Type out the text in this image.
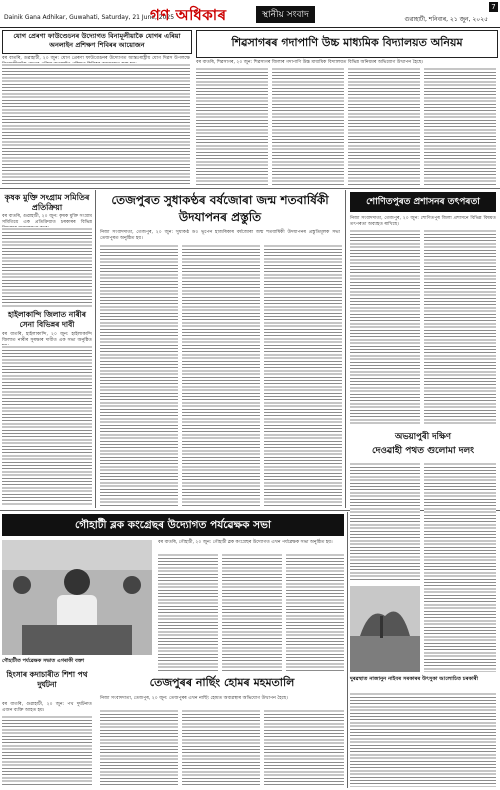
Dainik Gana Adhikar, Guwahati, Saturday, 21 June, 2025
গণ অধিকাৰ	স্থানীয় সংবাদ	গুৱাহাটী, শনিবাৰ, ২১ জুন, ২০২৫
7
যোগ প্ৰেৰণা ফাউণ্ডেচনৰ উদ্যোগত বিনামূলীয়াকৈ যোগৰ এৰিয়া অনলাইন প্ৰশিক্ষণ শিবিৰৰ আয়োজন
বৰ বাতৰি, গুৱাহাটী, ২০ জুন: যোগ প্ৰেৰণা ফাউণ্ডেচনৰ উদ্যোগত আন্তঃৰাষ্ট্ৰীয় যোগ দিৱস উপলক্ষে
শিৱসাগৰৰ গদাপাণি উচ্চ মাধ্যমিক বিদ্যালয়ত অনিয়ম
বৰ বাতৰি, শিৱসাগৰ, ২০ জুন: শিৱসাগৰ জিলাৰ গদাপাণি উচ্চ মাধ্যমিক বিদ্যালয়ত বিভিন্ন অনিয়মৰ অভিযোগ উত্থাপন হৈছে।
কৃষক মুক্তি সংগ্ৰাম সমিতিৰ প্ৰতিক্ৰিয়া
বৰ বাতৰি, গুৱাহাটী, ২০ জুন: কৃষক মুক্তি সংগ্ৰাম সমিতিয়ে এক প্ৰতিক্ৰিয়াত চৰকাৰৰ বিভিন্ন
হাইলাকান্দি জিলাত নাৰীৰ সেনা বিভিন্নৰ দাবী
বৰ বাতৰি, হাইলাকান্দি, ২০ জুন: হাইলাকান্দি জিলাত নাৰীৰ সুৰক্ষাৰ দাবীত এক সভা অনুষ্ঠিত
তেজপুৰত সুধাকণ্ঠৰ বৰ্ষজোৰা জন্ম শতবাৰ্ষিকী উদযাপনৰ প্ৰস্তুতি
নিজা সংবাদদাতা, তেজপুৰ, ২০ জুন: সুধাকণ্ঠ ড০ ভূপেন হাজৰিকাৰ বৰ্ষজোৰা জন্ম শতবাৰ্ষিকী উদযাপনৰ প্ৰস্তুতিমূলক সভা তেজপুৰত অনুষ্ঠিত হয়।
শোণিতপুৰত প্ৰশাসনৰ তৎপৰতা
নিজা সংবাদদাতা, তেজপুৰ, ২০ জুন: শোণিতপুৰ জিলা প্ৰশাসনে বিভিন্ন বিষয়ত তৎপৰতা অব্যাহত ৰাখিছে।
অভয়াপুৰী দক্ষিণ
দেওৱাহী পথত গুলোমা দলং
গৌহাটী ব্লক কংগ্ৰেছৰ উদ্যোগত পৰ্যৱেক্ষক সভা
গৌহাটীত পৰ্যৱেক্ষক সভাত এগৰাকী বক্তা
বৰ বাতৰি, গৌহাটী, ২০ জুন: গৌহাটী ব্লক কংগ্ৰেছৰ উদ্যোগত এখন পৰ্যৱেক্ষক সভা অনুষ্ঠিত হয়।
হিংসাৰ কদাচাৰীত শিশা পথ দুৰ্ঘটনা
বৰ বাতৰি, গুৱাহাটী, ২০ জুন: পথ দুৰ্ঘটনাত এজন ব্যক্তি আহত হয়।
তেজপুৰৰ নাৰ্ছিং হোমৰ মহমতালি
নিজা সংবাদদাতা, তেজপুৰ, ২০ জুন: তেজপুৰৰ এখন নাৰ্ছিং হোমত অব্যৱস্থাৰ অভিযোগ উত্থাপন হৈছে।
দুৰৱস্থাত নাজানুন নাইবৰ সৰকাৰৰ উৎসুকা আলোচিত চৰকাৰী
